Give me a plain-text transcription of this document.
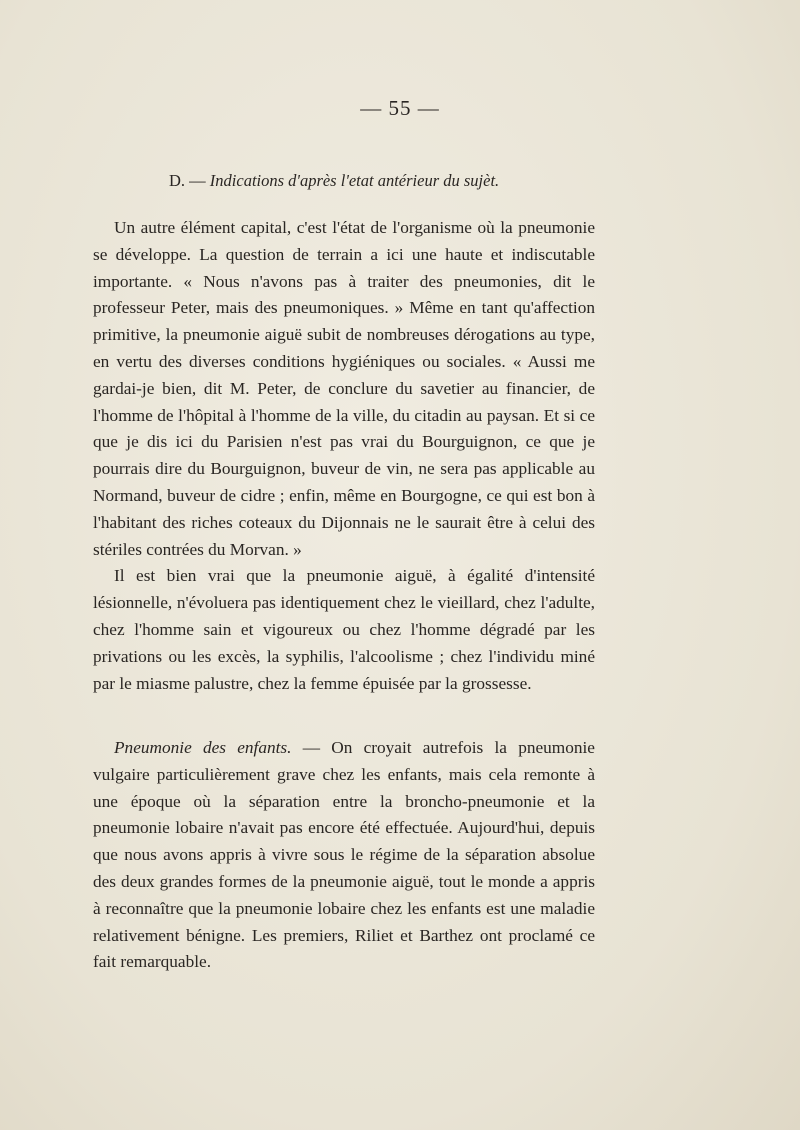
— 55 —
D. — Indications d'après l'etat antérieur du sujèt.

Un autre élément capital, c'est l'état de l'organisme où la pneumonie se développe. La question de terrain a ici une haute et indiscutable importante. « Nous n'avons pas à traiter des pneumonies, dit le professeur Peter, mais des pneumoniques. » Même en tant qu'affection primitive, la pneumonie aiguë subit de nombreuses dérogations au type, en vertu des diverses conditions hygiéniques ou sociales. « Aussi me gardai-je bien, dit M. Peter, de conclure du savetier au financier, de l'homme de l'hôpital à l'homme de la ville, du citadin au paysan. Et si ce que je dis ici du Parisien n'est pas vrai du Bourguignon, ce que je pourrais dire du Bourguignon, buveur de vin, ne sera pas applicable au Normand, buveur de cidre ; enfin, même en Bourgogne, ce qui est bon à l'habitant des riches coteaux du Dijonnais ne le saurait être à celui des stériles contrées du Morvan. »

Il est bien vrai que la pneumonie aiguë, à égalité d'intensité lésionnelle, n'évoluera pas identiquement chez le vieillard, chez l'adulte, chez l'homme sain et vigoureux ou chez l'homme dégradé par les privations ou les excès, la syphilis, l'alcoolisme ; chez l'individu miné par le miasme palustre, chez la femme épuisée par la grossesse.

Pneumonie des enfants. — On croyait autrefois la pneumonie vulgaire particulièrement grave chez les enfants, mais cela remonte à une époque où la séparation entre la broncho-pneumonie et la pneumonie lobaire n'avait pas encore été effectuée. Aujourd'hui, depuis que nous avons appris à vivre sous le régime de la séparation absolue des deux grandes formes de la pneumonie aiguë, tout le monde a appris à reconnaître que la pneumonie lobaire chez les enfants est une maladie relativement bénigne. Les premiers, Riliet et Barthez ont proclamé ce fait remarquable.
